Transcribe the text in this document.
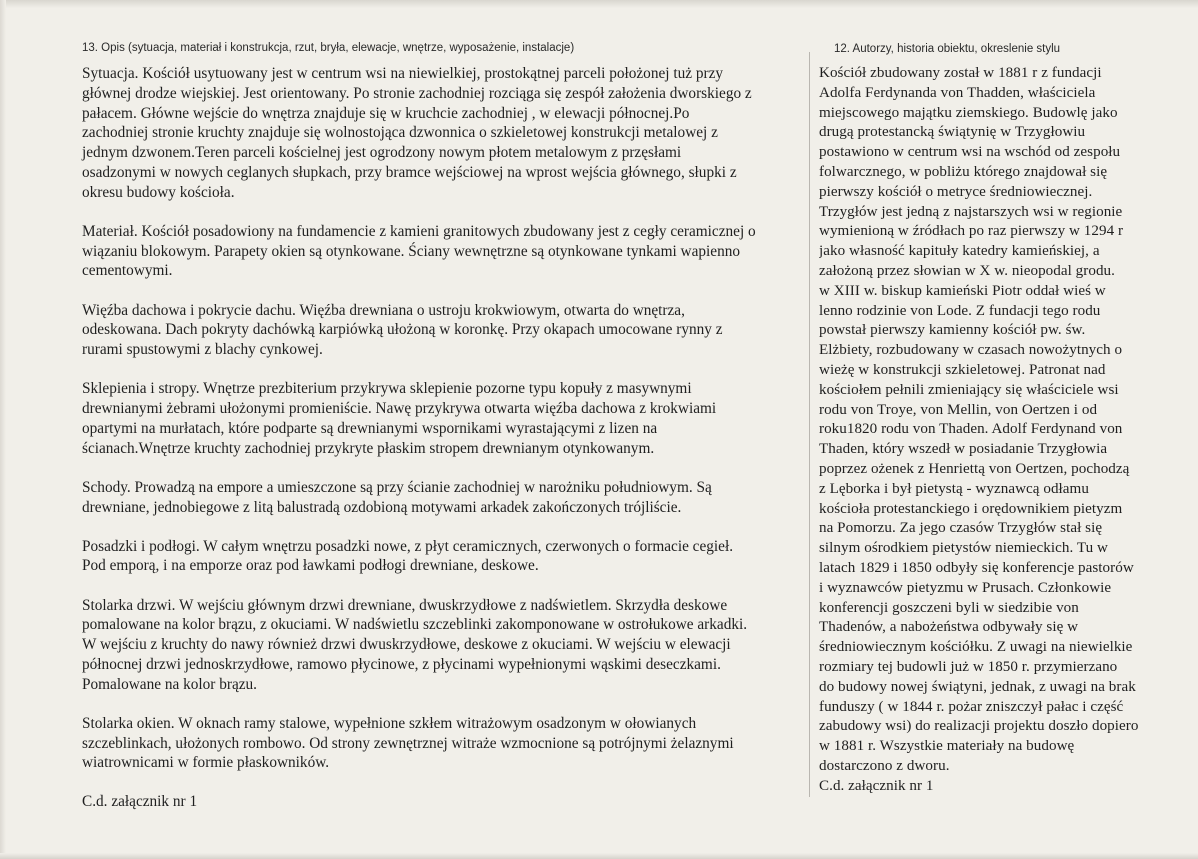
13. Opis (sytuacja, materiał i konstrukcja, rzut, bryła, elewacje, wnętrze, wyposażenie, instalacje)
Sytuacja. Kościół usytuowany jest w centrum wsi na niewielkiej, prostokątnej parceli położonej tuż przy
głównej drodze wiejskiej. Jest orientowany. Po stronie zachodniej rozciąga się zespół założenia dworskiego z
pałacem. Główne wejście do wnętrza znajduje się w kruchcie zachodniej , w elewacji północnej.Po
zachodniej stronie kruchty znajduje się wolnostojąca dzwonnica o szkieletowej konstrukcji metalowej z
jednym dzwonem.Teren parceli kościelnej jest ogrodzony nowym płotem metalowym z przęsłami
osadzonymi w nowych ceglanych słupkach, przy bramce wejściowej na wprost wejścia głównego, słupki z
okresu budowy kościoła.
Materiał. Kościół posadowiony na fundamencie z kamieni granitowych zbudowany jest z cegły ceramicznej o
wiązaniu blokowym. Parapety okien są otynkowane. Ściany wewnętrzne są otynkowane tynkami wapienno
cementowymi.
Więźba dachowa i pokrycie dachu. Więźba drewniana o ustroju krokwiowym, otwarta do wnętrza,
odeskowana. Dach pokryty dachówką karpiówką ułożoną w koronkę. Przy okapach umocowane rynny z
rurami spustowymi z blachy cynkowej.
Sklepienia i stropy. Wnętrze prezbiterium przykrywa sklepienie pozorne typu kopuły z masywnymi
drewnianymi żebrami ułożonymi promieniście. Nawę przykrywa otwarta więźba dachowa z krokwiami
opartymi na murłatach, które podparte są drewnianymi wspornikami wyrastającymi z lizen na
ścianach.Wnętrze kruchty zachodniej przykryte płaskim stropem drewnianym otynkowanym.
Schody. Prowadzą na empore a umieszczone są przy ścianie zachodniej w narożniku południowym. Są
drewniane, jednobiegowe z litą balustradą ozdobioną motywami arkadek zakończonych trójliście.
Posadzki i podłogi. W całym wnętrzu posadzki nowe, z płyt ceramicznych, czerwonych o formacie cegieł.
Pod emporą, i na emporze oraz pod ławkami podłogi drewniane, deskowe.
Stolarka drzwi. W wejściu głównym drzwi drewniane, dwuskrzydłowe z nadświetlem. Skrzydła deskowe
pomalowane na kolor brązu, z okuciami. W nadświetlu szczeblinki zakomponowane w ostrołukowe arkadki.
W wejściu z kruchty do nawy również drzwi dwuskrzydłowe, deskowe z okuciami. W wejściu w elewacji
północnej drzwi jednoskrzydłowe, ramowo płycinowe, z płycinami wypełnionymi wąskimi deseczkami.
Pomalowane na kolor brązu.
Stolarka okien. W oknach ramy stalowe, wypełnione szkłem witrażowym osadzonym w ołowianych
szczeblinkach, ułożonych rombowo. Od strony zewnętrznej witraże wzmocnione są potrójnymi żelaznymi
wiatrownicami w formie płaskowników.
C.d. załącznik nr 1
12. Autorzy, historia obiektu, okreslenie stylu
Kościół zbudowany został w 1881 r z fundacji
Adolfa Ferdynanda von Thadden, właściciela
miejscowego majątku ziemskiego. Budowlę jako
drugą protestancką świątynię w Trzygłowiu
postawiono w centrum wsi na wschód od zespołu
folwarcznego, w pobliżu którego znajdował się
pierwszy kościół o metryce średniowiecznej.
Trzygłów jest jedną z najstarszych wsi w regionie
wymienioną w źródłach po raz pierwszy w 1294 r
jako własność kapituły katedry kamieńskiej, a
założoną przez słowian w X w. nieopodal grodu.
w XIII w. biskup kamieński Piotr oddał wieś w
lenno rodzinie von Lode. Z fundacji tego rodu
powstał pierwszy kamienny kościół pw. św.
Elżbiety, rozbudowany w czasach nowożytnych o
wieżę w konstrukcji szkieletowej. Patronat nad
kościołem pełnili zmieniający się właściciele wsi
rodu von Troye, von Mellin, von Oertzen i od
roku1820 rodu von Thaden. Adolf Ferdynand von
Thaden, który wszedł w posiadanie Trzygłowia
poprzez ożenek z Henriettą von Oertzen, pochodzą
z Lęborka i był pietystą - wyznawcą odłamu
kościoła protestanckiego i orędownikiem pietyzm
na Pomorzu. Za jego czasów Trzygłów stał się
silnym ośrodkiem pietystów niemieckich. Tu w
latach 1829 i 1850 odbyły się konferencje pastorów
i wyznawców pietyzmu w Prusach. Członkowie
konferencji goszczeni byli w siedzibie von
Thadenów, a nabożeństwa odbywały się w
średniowiecznym kościółku. Z uwagi na niewielkie
rozmiary tej budowli już w 1850 r. przymierzano
do budowy nowej świątyni, jednak, z uwagi na brak
funduszy ( w 1844 r. pożar zniszczył pałac i część
zabudowy wsi) do realizacji projektu doszło dopiero
w 1881 r. Wszystkie materiały na budowę
dostarczono z dworu.
C.d. załącznik nr 1
